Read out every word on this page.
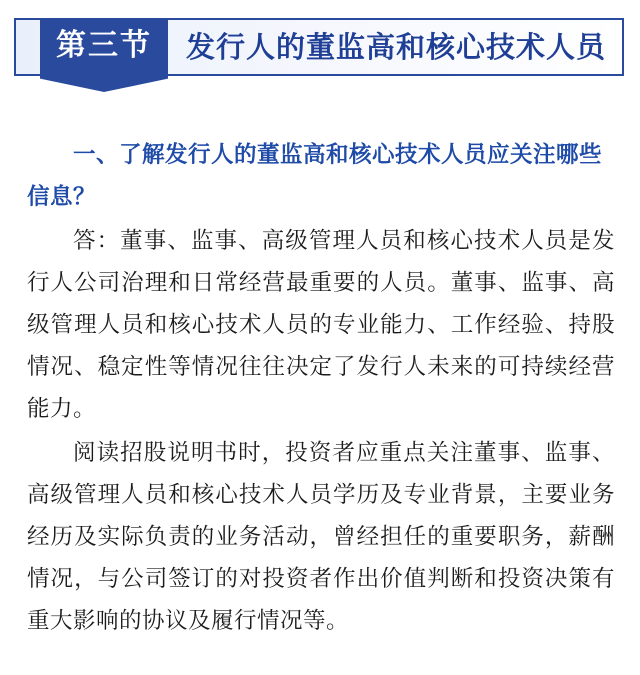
第三节	发行人的董监高和核心技术人员

一、了解发行人的董监高和核心技术人员应关注哪些信息？

答：董事、监事、高级管理人员和核心技术人员是发行人公司治理和日常经营最重要的人员。董事、监事、高级管理人员和核心技术人员的专业能力、工作经验、持股情况、稳定性等情况往往决定了发行人未来的可持续经营能力。

阅读招股说明书时，投资者应重点关注董事、监事、高级管理人员和核心技术人员学历及专业背景，主要业务经历及实际负责的业务活动，曾经担任的重要职务，薪酬情况，与公司签订的对投资者作出价值判断和投资决策有重大影响的协议及履行情况等。
